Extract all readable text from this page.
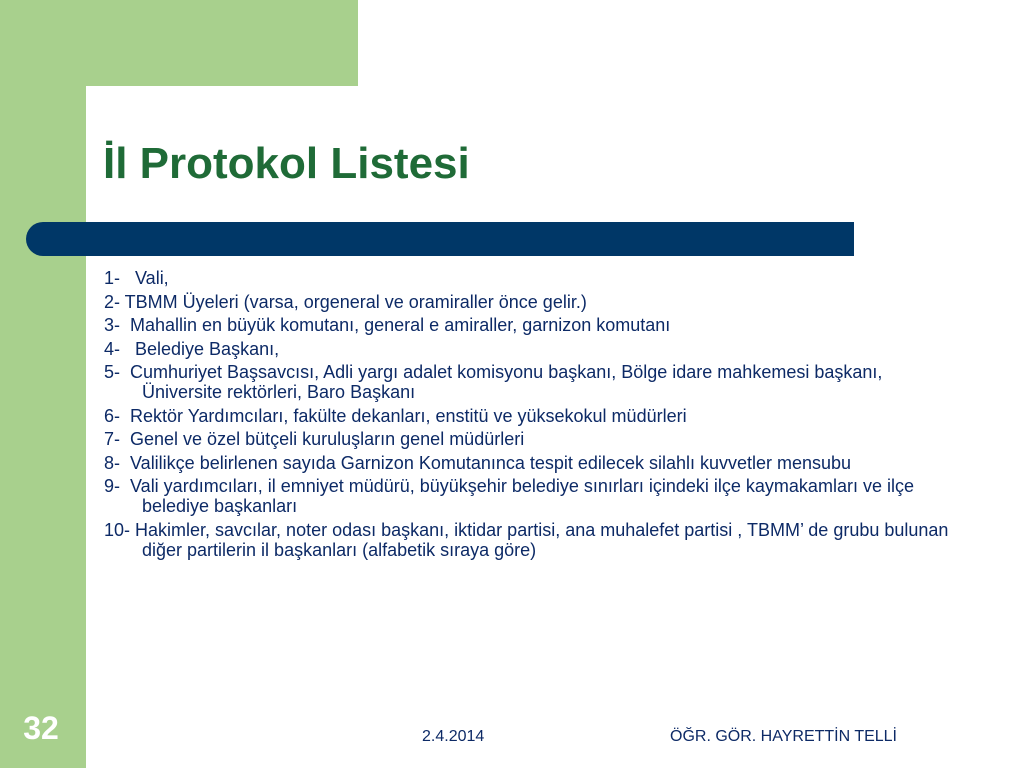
İl Protokol Listesi
1-   Vali,
2- TBMM Üyeleri (varsa, orgeneral ve oramiraller önce gelir.)
3-  Mahallin en büyük komutanı, general e amiraller, garnizon komutanı
4-   Belediye Başkanı,
5-  Cumhuriyet Başsavcısı, Adli yargı adalet komisyonu başkanı, Bölge idare mahkemesi başkanı, Üniversite rektörleri, Baro Başkanı
6-  Rektör Yardımcıları, fakülte dekanları, enstitü ve yüksekokul müdürleri
7-  Genel ve özel bütçeli kuruluşların genel müdürleri
8-  Valilikçe belirlenen sayıda Garnizon Komutanınca tespit edilecek silahlı kuvvetler mensubu
9-  Vali yardımcıları, il emniyet müdürü, büyükşehir belediye sınırları içindeki ilçe kaymakamları ve ilçe belediye başkanları
10- Hakimler, savcılar, noter odası başkanı, iktidar partisi, ana muhalefet partisi , TBMM’ de grubu bulunan diğer partilerin il başkanları (alfabetik sıraya göre)
32	2.4.2014	ÖĞR. GÖR. HAYRETTİN TELLİ
